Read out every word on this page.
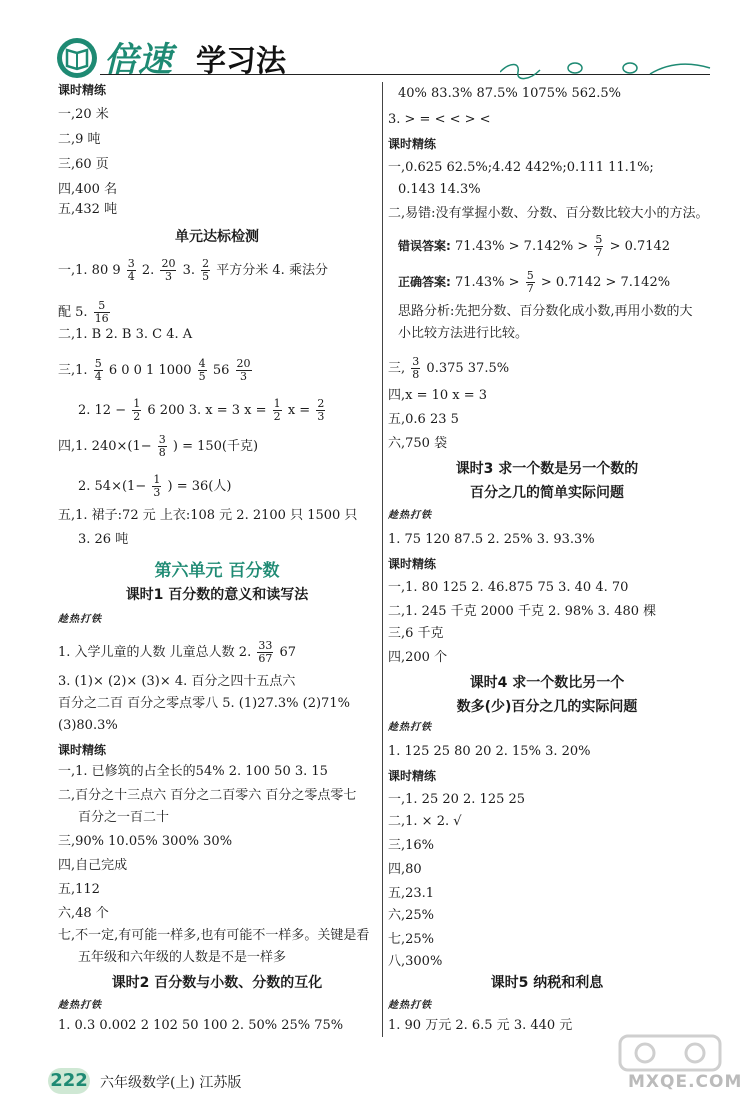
倍速 学习法
课时精练
一,20 米
二,9 吨
三,60 页
四,400 名
五,432 吨
单元达标检测
一,1. 80 $9 \frac{3}{4} 2$. $\frac{20}{3} 3$. $\frac{2}{5}$ 平方分米 4. 乘法分
配 5. $\frac{5}{16}$
二,1. B 2. B 3. C 4. A
三,1. $\frac{5}{4} 6$ 0 0 1 $1000 \frac{4}{5} 56 \frac{20}{3}$
2. $12 - \frac{1}{2} 6$ 200 3. x = 3 $x = \frac{1}{2}$ $x = \frac{2}{3}$
四,1. $240\times(1- \frac{3}{8}$ ) = 150(千克)
2. $54\times(1- \frac{1}{3}$ ) = 36(人)
五,1. 裙子:72 元 上衣:108 元 2. 2100 只 1500 只
3. 26 吨
第六单元 百分数
课时1 百分数的意义和读写法
趁热打铁
1. 入学儿童的人数 儿童总人数 2. $\frac{33}{67} 67$
3. (1)× (2)× (3)× 4. 百分之四十五点六
百分之二百 百分之零点零八 5. (1)27.3% (2)71%
(3)80.3%
课时精练
一,1. 已修筑的占全长的54% 2. 100 50 3. 15
二,百分之十三点六 百分之二百零六 百分之零点零七
百分之一百二十
三,90% 10.05% 300% 30%
四,自己完成
五,112
六,48 个
七,不一定,有可能一样多,也有可能不一样多。关键是看
五年级和六年级的人数是不是一样多
课时2 百分数与小数、分数的互化
趁热打铁
1. 0.3 0.002 2 102 50 100 2. 50% 25% 75%
40% 83.3% 87.5% 1075% 562.5%
3. > = < < > <
课时精练
一,0.625 62.5%;4.42 442%;0.111 11.1%;
0.143 14.3%
二,易错:没有掌握小数、分数、百分数比较大小的方法。
错误答案: $71.43\% > 7.142\% > \frac{5}{7}$ > 0.7̇14̇2
正确答案: $71.43\% > \frac{5}{7}$ > 0.7̇14̇2 > 7.142%
思路分析:先把分数、百分数化成小数,再用小数的大
小比较方法进行比较。
三, $\frac{3}{8} 0.375$ 37.5%
四,x = 10 x = 3
五,0.6 23 5
六,750 袋
课时3 求一个数是另一个数的
百分之几的简单实际问题
趁热打铁
1. 75 120 87.5 2. 25% 3. 93.3%
课时精练
一,1. 80 125 2. 46.875 75 3. 40 4. 70
二,1. 245 千克 2000 千克 2. 98% 3. 480 棵
三,6 千克
四,200 个
课时4 求一个数比另一个
数多(少)百分之几的实际问题
趁热打铁
1. 125 25 80 20 2. 15% 3. 20%
课时精练
一,1. 25 20 2. 125 25
二,1. × 2. √
三,16%
四,80
五,23.1
六,25%
七,25%
八,300%
课时5 纳税和利息
趁热打铁
1. 90 万元 2. 6.5 元 3. 440 元
222 六年级数学(上) 江苏版	MXQE.COM
